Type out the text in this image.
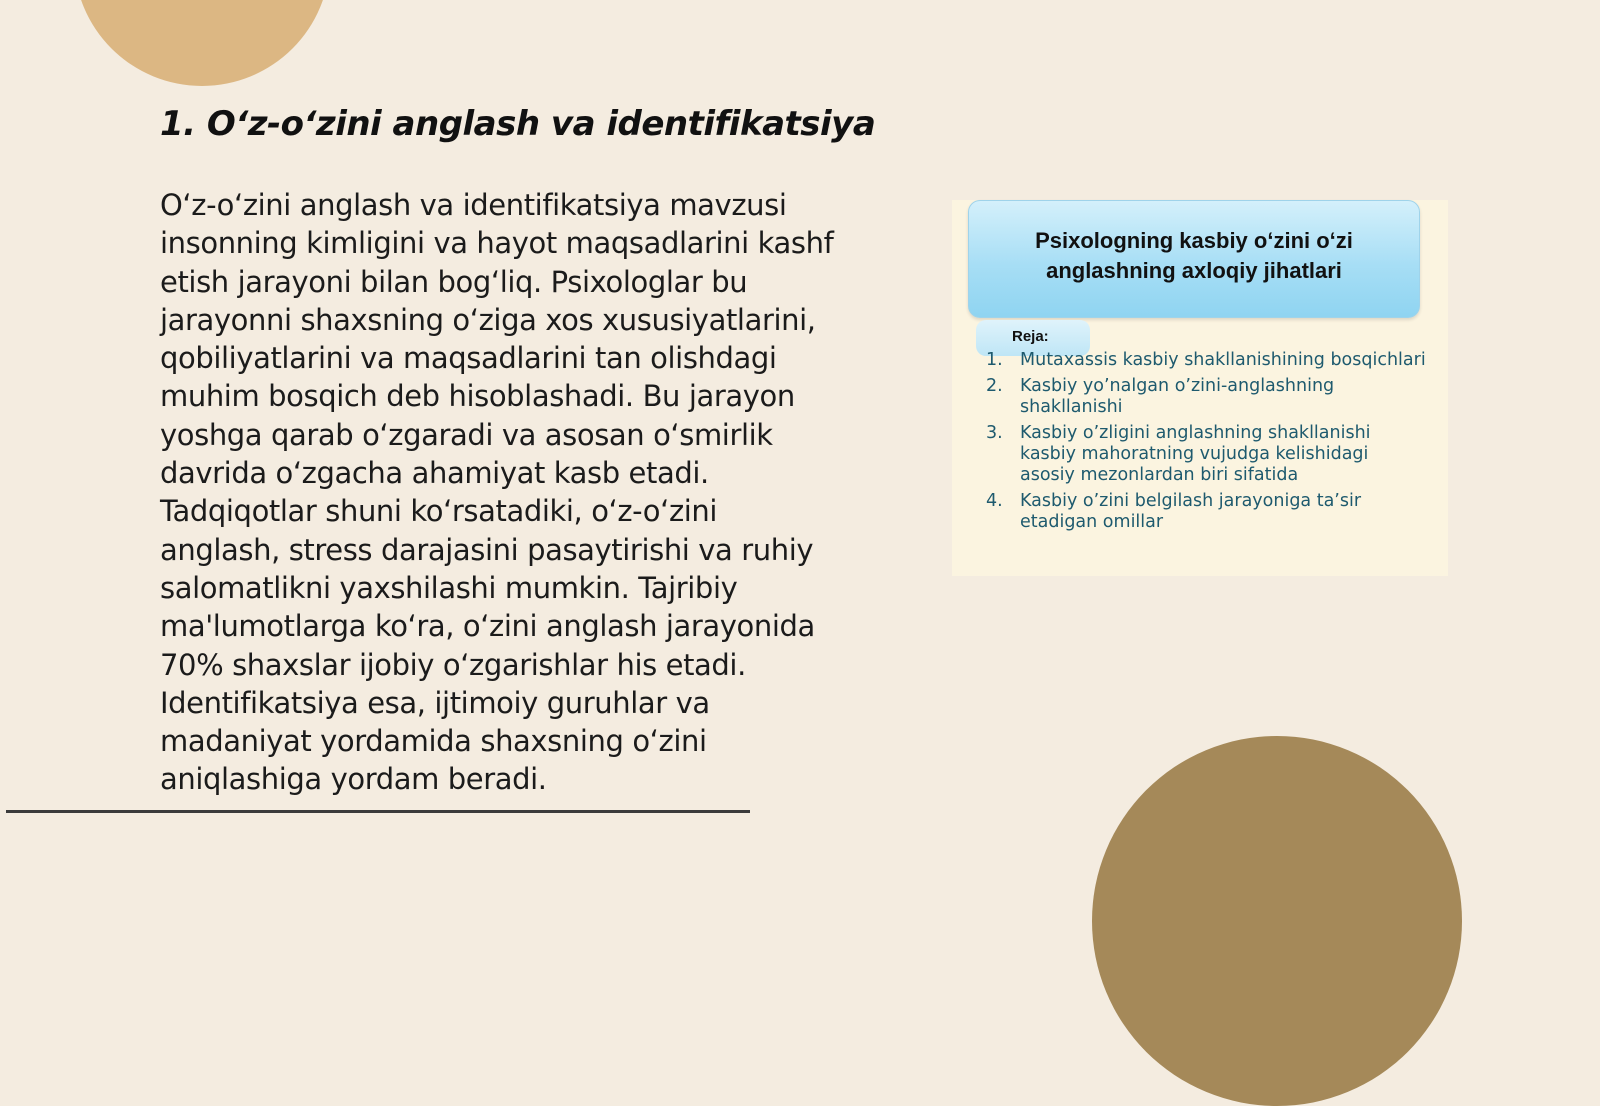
1. O‘z-o‘zini anglash va identifikatsiya

O‘z-o‘zini anglash va identifikatsiya mavzusi insonning kimligini va hayot maqsadlarini kashf etish jarayoni bilan bog‘liq. Psixologlar bu jarayonni shaxsning o‘ziga xos xususiyatlarini, qobiliyatlarini va maqsadlarini tan olishdagi muhim bosqich deb hisoblashadi. Bu jarayon yoshga qarab o‘zgaradi va asosan o‘smirlik davrida o‘zgacha ahamiyat kasb etadi. Tadqiqotlar shuni ko‘rsatadiki, o‘z-o‘zini anglash, stress darajasini pasaytirishi va ruhiy salomatlikni yaxshilashi mumkin. Tajribiy ma'lumotlarga ko‘ra, o‘zini anglash jarayonida 70% shaxslar ijobiy o‘zgarishlar his etadi. Identifikatsiya esa, ijtimoiy guruhlar va madaniyat yordamida shaxsning o‘zini aniqlashiga yordam beradi.

Psixologning kasbiy o‘zini o‘zi anglashning axloqiy jihatlari
Reja:
1. Mutaxassis kasbiy shakllanishining bosqichlari
2. Kasbiy yo’nalgan o’zini-anglashning shakllanishi
3. Kasbiy o’zligini anglashning shakllanishi kasbiy mahoratning vujudga kelishidagi asosiy mezonlardan biri sifatida
4. Kasbiy o’zini belgilash jarayoniga ta’sir etadigan omillar
